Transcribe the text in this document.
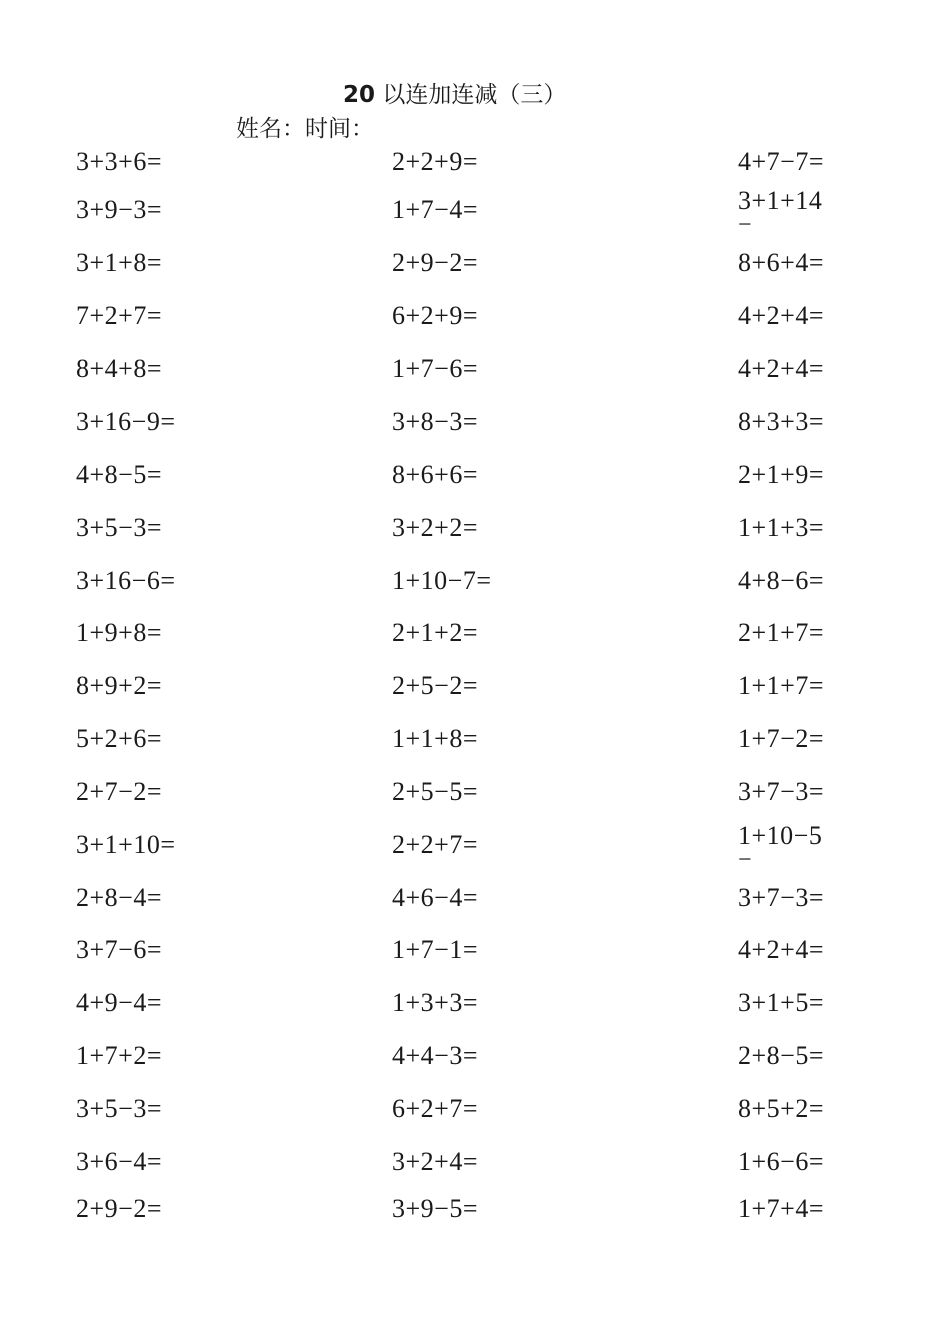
20 以连加连减（三）
姓名：时间：
3+3+6=
3+9−3=
3+1+8=
7+2+7=
8+4+8=
3+16−9=
4+8−5=
3+5−3=
3+16−6=
1+9+8=
8+9+2=
5+2+6=
2+7−2=
3+1+10=
2+8−4=
3+7−6=
4+9−4=
1+7+2=
3+5−3=
3+6−4=
2+9−2=
2+2+9=
1+7−4=
2+9−2=
6+2+9=
1+7−6=
3+8−3=
8+6+6=
3+2+2=
1+10−7=
2+1+2=
2+5−2=
1+1+8=
2+5−5=
2+2+7=
4+6−4=
1+7−1=
1+3+3=
4+4−3=
6+2+7=
3+2+4=
3+9−5=
4+7−7=
3+1+14
−
8+6+4=
4+2+4=
4+2+4=
8+3+3=
2+1+9=
1+1+3=
4+8−6=
2+1+7=
1+1+7=
1+7−2=
3+7−3=
1+10−5
−
3+7−3=
4+2+4=
3+1+5=
2+8−5=
8+5+2=
1+6−6=
1+7+4=
